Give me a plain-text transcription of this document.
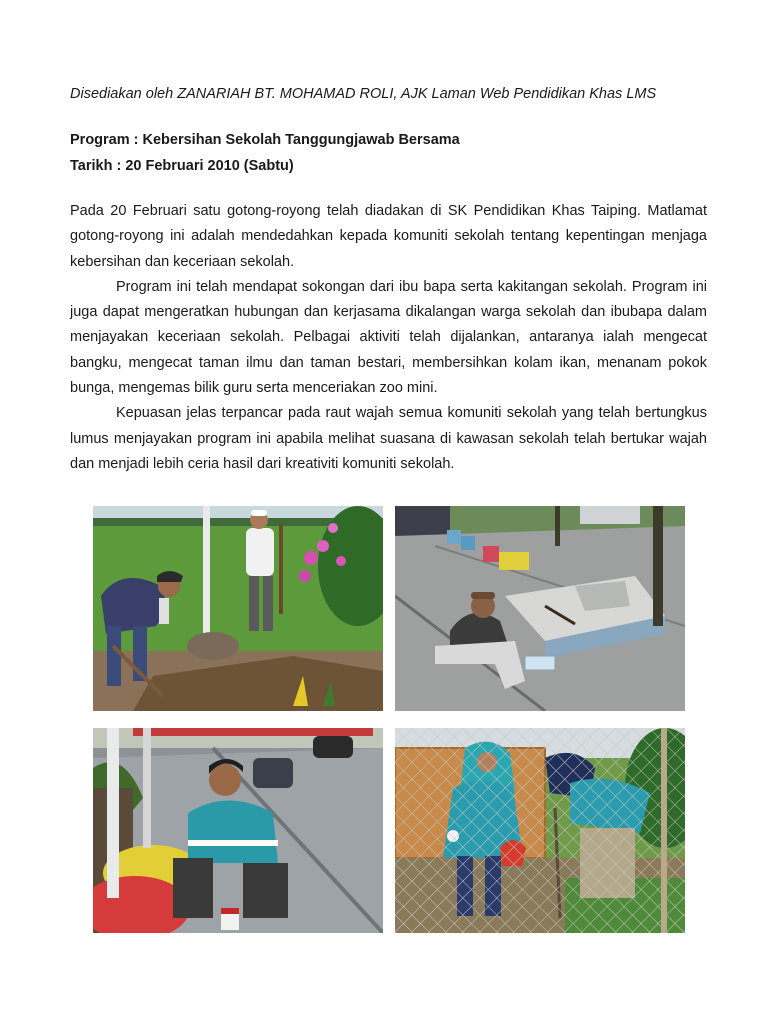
Disediakan oleh ZANARIAH BT. MOHAMAD ROLI, AJK Laman Web Pendidikan Khas LMS

Program : Kebersihan Sekolah Tanggungjawab Bersama

Tarikh : 20 Februari 2010 (Sabtu)

Pada 20 Februari satu gotong-royong telah diadakan di SK Pendidikan Khas Taiping. Matlamat gotong-royong ini adalah mendedahkan kepada komuniti sekolah tentang kepentingan menjaga kebersihan dan keceriaan sekolah.

Program ini telah mendapat sokongan dari ibu bapa serta kakitangan sekolah. Program ini juga dapat mengeratkan hubungan dan kerjasama dikalangan warga sekolah dan ibubapa dalam menjayakan keceriaan sekolah. Pelbagai aktiviti telah dijalankan, antaranya ialah mengecat bangku, mengecat taman ilmu dan taman bestari, membersihkan kolam ikan, menanam pokok bunga, mengemas bilik guru serta menceriakan zoo mini.

Kepuasan jelas terpancar pada raut wajah semua komuniti sekolah yang telah bertungkus lumus menjayakan program ini apabila melihat suasana di kawasan sekolah telah bertukar wajah dan menjadi lebih ceria hasil dari kreativiti komuniti sekolah.
